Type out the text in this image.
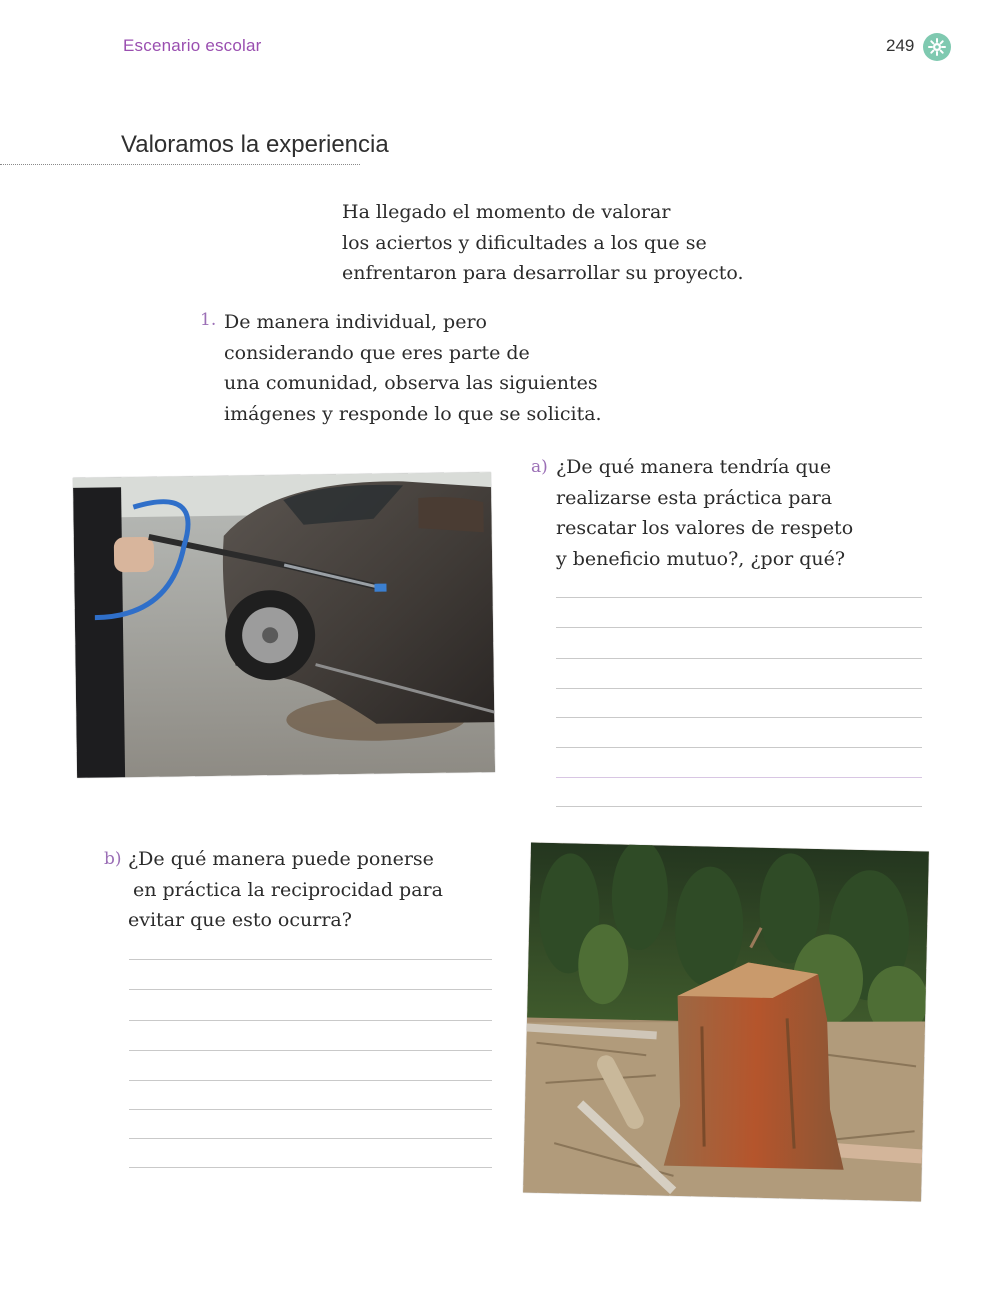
Escenario escolar	249
Valoramos la experiencia
Ha llegado el momento de valorar
los aciertos y dificultades a los que se
enfrentaron para desarrollar su proyecto.
1. De manera individual, pero
considerando que eres parte de
una comunidad, observa las siguientes
imágenes y responde lo que se solicita.
a) ¿De qué manera tendría que
realizarse esta práctica para
rescatar los valores de respeto
y beneficio mutuo?, ¿por qué?
b) ¿De qué manera puede ponerse
en práctica la reciprocidad para
evitar que esto ocurra?
